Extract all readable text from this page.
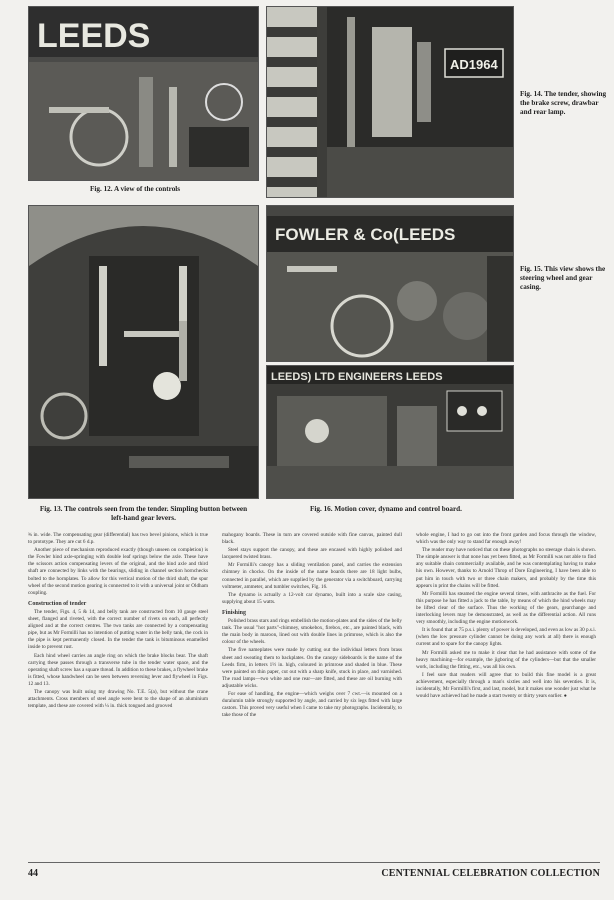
LEEDS
Fig. 12. A view of the controls
AD1964
Fig. 14. The tender, showing the brake screw, drawbar and rear lamp.
Fig. 13. The controls seen from the tender. Simpling button between left-hand gear levers.
FOWLER & Co(LEEDS
Fig. 15. This view shows the steering wheel and gear casing.
LEEDS) LTD ENGINEERS LEEDS
Fig. 16. Motion cover, dynamo and control board.

¾ in. wide. The compensating gear (differential) has two bevel pinions, which is true to prototype. They are cut 6 d.p.

Another piece of mechanism reproduced exactly (though unseen on completion) is the Fowler hind axle-springing with double leaf springs below the axle. These have the scissors action compensating levers of the original, and the hind axle and third shaft are connected by links with the bearings, sliding in channel section hornchecks bolted to the hornplates. To allow for this vertical motion of the third shaft, the spur wheel of the second motion gearing is connected to it with a universal joint or Oldham coupling.

Construction of tender

The tender, Figs. 4, 5 & 14, and belly tank are constructed from 10 gauge steel sheet, flanged and riveted, with the correct number of rivets on each, all perfectly aligned and at the correct centres. The two tanks are connected by a compensating pipe, but as Mr Formilli has no intention of putting water in the belly tank, the cock in the pipe is kept permanently closed. In the tender the tank is bituminous enamelled inside to prevent rust.

Each hind wheel carries an angle ring on which the brake blocks bear. The shaft carrying these passes through a transverse tube in the tender water space, and the operating shaft screw has a square thread. In addition to these brakes, a flywheel brake is fitted, whose handwheel can be seen between reversing lever and flywheel in Figs. 12 and 13.

The canopy was built using my drawing No. T.E. 5(a), but without the crane attachments. Cross members of steel angle were bent to the shape of an aluminium template, and these are covered with ¼ in. thick tongued and grooved

mahogany boards. These in turn are covered outside with fine canvas, painted dull black.

Steel stays support the canopy, and these are encased with highly polished and lacquered twisted brass.

Mr Formilli's canopy has a sliding ventilation panel, and carries the extension chimney in chocks. On the inside of the name boards there are 18 light bulbs, connected in parallel, which are supplied by the generator via a switchboard, carrying voltmeter, ammeter, and tumbler switches, Fig. 16.

The dynamo is actually a 12-volt car dynamo, built into a scale size casing, supplying about 15 watts.

Finishing

Polished brass stars and rings embellish the motion-plates and the sides of the belly tank. The usual "hot parts"-chimney, smokebox, firebox, etc., are painted black, with the main body in maroon, lined out with double lines in primrose, which is also the colour of the wheels.

The five nameplates were made by cutting out the individual letters from brass sheet and sweating them to backplates. On the canopy sideboards is the name of the Leeds firm, in letters 1½ in. high, coloured in primrose and shaded in blue. These were painted on thin paper, cut out with a sharp knife, stuck in place, and varnished. The road lamps—two white and one rear—are fitted, and these are oil burning with adjustable wicks.

For ease of handling, the engine—which weighs over 7 cwt.—is mounted on a duralumin table strongly supported by angle, and carried by six legs fitted with large castors. This proved very useful when I came to take my photographs. Incidentally, to take those of the

whole engine, I had to go out into the front garden and focus through the window, which was the only way to stand far enough away!

The reader may have noticed that on these photographs no steerage chain is shown. The simple answer is that none has yet been fitted, as Mr Formilli was not able to find any suitable chain commercially available, and he was contemplating having to make his own. However, thanks to Arnold Throp of Dore Engineering, I have been able to put him in touch with two or three chain makers, and probably by the time this appears in print the chains will be fitted.

Mr Formilli has steamed the engine several times, with anthracite as the fuel. For this purpose he has fitted a jack to the table, by means of which the hind wheels may be lifted clear of the surface. Thus the working of the gears, gearchange and interlocking levers may be demonstrated, as well as the differential action. All runs very smoothly, including the engine motionwork.

It is found that at 75 p.s.i. plenty of power is developed, and even as low as 30 p.s.i. (when the low pressure cylinder cannot be doing any work at all) there is enough current and to spare for the canopy lights.

Mr Formilli asked me to make it clear that he had assistance with some of the heavy machining—for example, the jigboring of the cylinders—but that the smaller work, including the fitting, etc., was all his own.

I feel sure that readers will agree that to build this fine model is a great achievement, especially through a man's sixties and well into his seventies. It is, incidentally, Mr Formilli's first, and last, model, but it makes one wonder just what he would have achieved had he made a start twenty or thirty years earlier. ●

44	CENTENNIAL CELEBRATION COLLECTION
